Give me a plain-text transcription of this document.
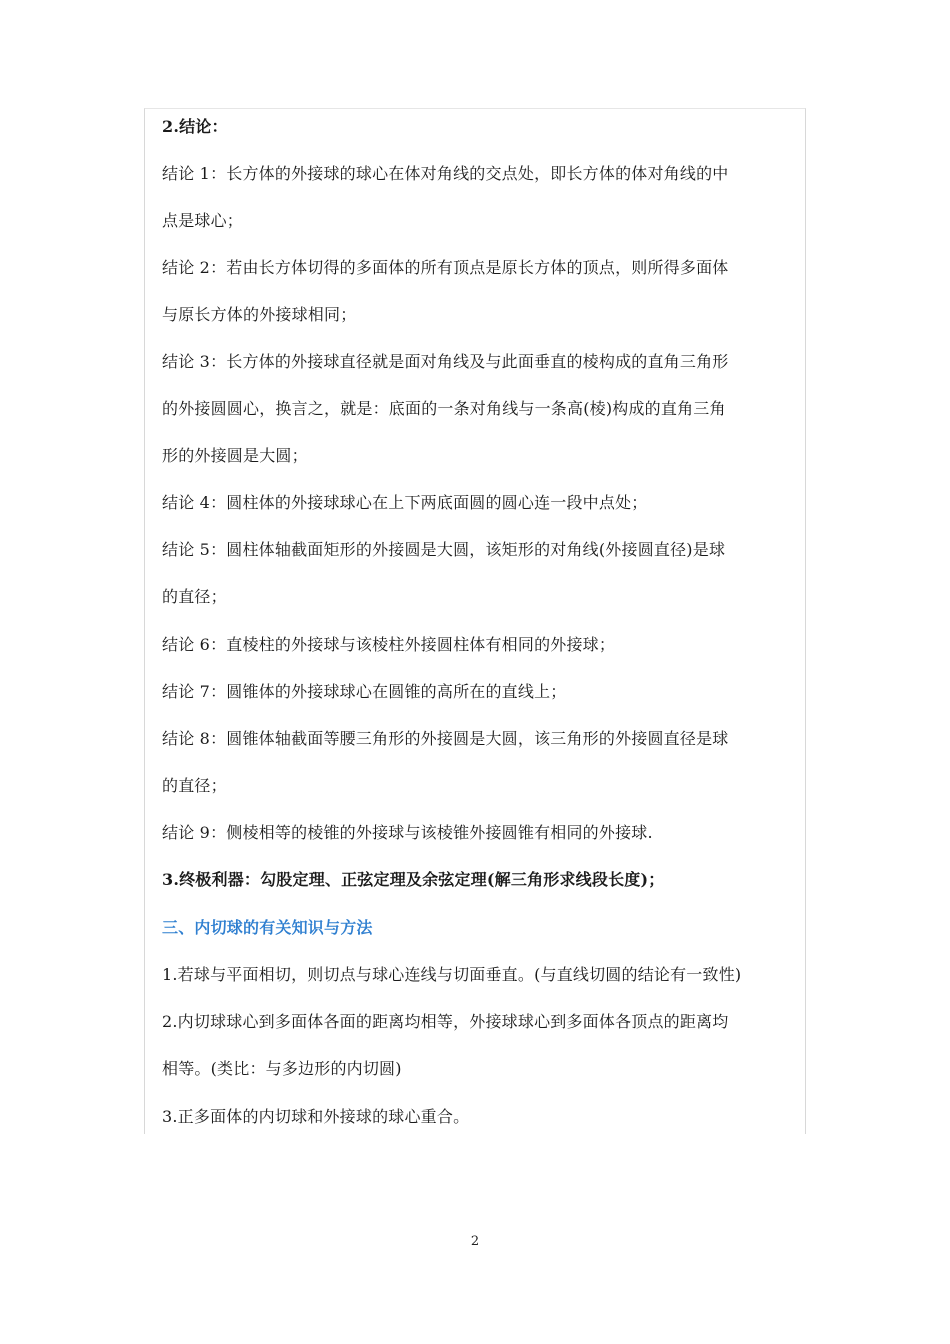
2.结论：
结论 1：长方体的外接球的球心在体对角线的交点处，即长方体的体对角线的中
点是球心；
结论 2：若由长方体切得的多面体的所有顶点是原长方体的顶点，则所得多面体
与原长方体的外接球相同；
结论 3：长方体的外接球直径就是面对角线及与此面垂直的棱构成的直角三角形
的外接圆圆心，换言之，就是：底面的一条对角线与一条高(棱)构成的直角三角
形的外接圆是大圆；
结论 4：圆柱体的外接球球心在上下两底面圆的圆心连一段中点处；
结论 5：圆柱体轴截面矩形的外接圆是大圆，该矩形的对角线(外接圆直径)是球
的直径；
结论 6：直棱柱的外接球与该棱柱外接圆柱体有相同的外接球；
结论 7：圆锥体的外接球球心在圆锥的高所在的直线上；
结论 8：圆锥体轴截面等腰三角形的外接圆是大圆，该三角形的外接圆直径是球
的直径；
结论 9：侧棱相等的棱锥的外接球与该棱锥外接圆锥有相同的外接球.
3.终极利器：勾股定理、正弦定理及余弦定理(解三角形求线段长度)；
三、内切球的有关知识与方法
1.若球与平面相切，则切点与球心连线与切面垂直。(与直线切圆的结论有一致性)
2.内切球球心到多面体各面的距离均相等，外接球球心到多面体各顶点的距离均
相等。(类比：与多边形的内切圆)
3.正多面体的内切球和外接球的球心重合。
2
